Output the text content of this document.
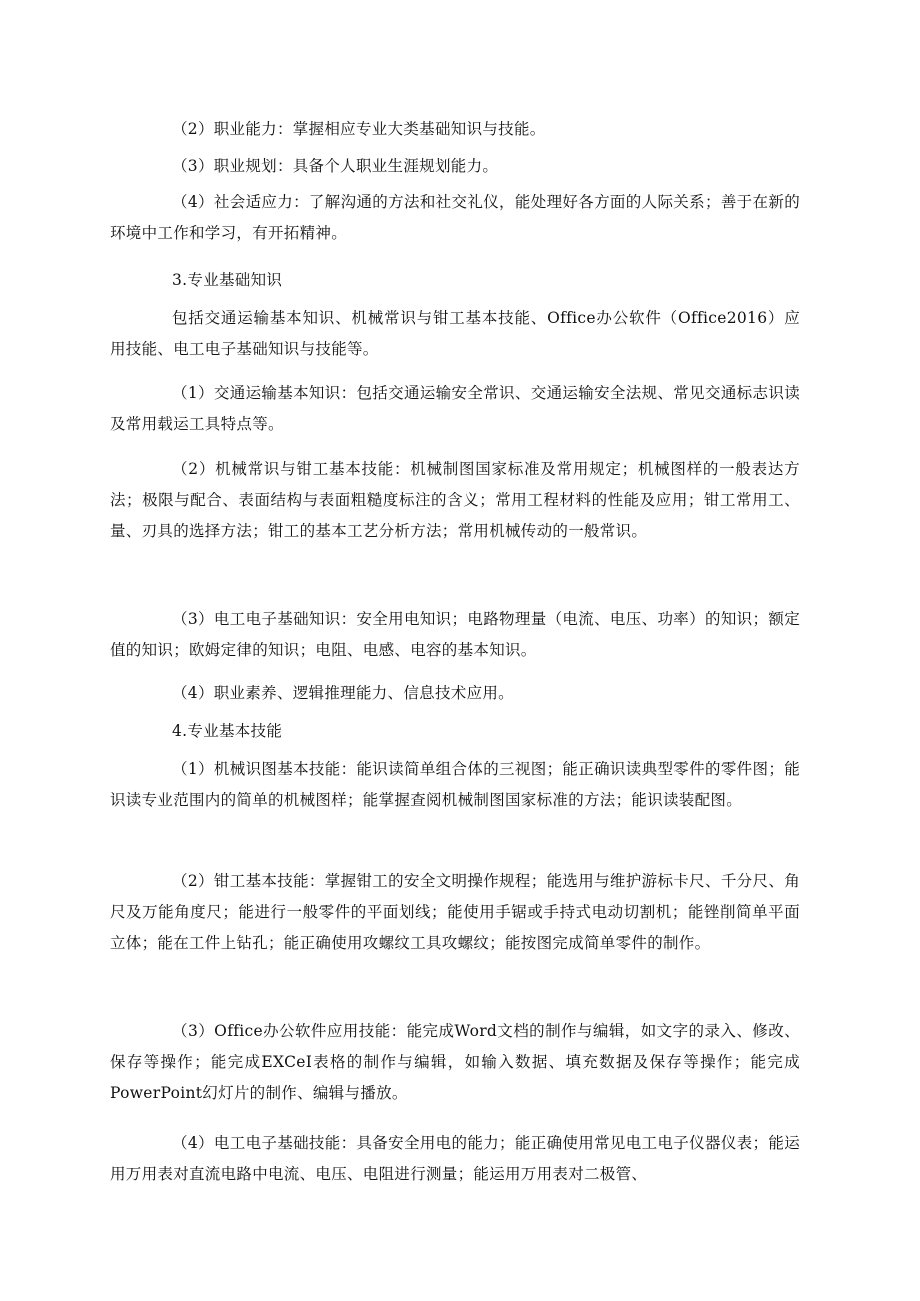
（2）职业能力：掌握相应专业大类基础知识与技能。

（3）职业规划：具备个人职业生涯规划能力。

（4）社会适应力：了解沟通的方法和社交礼仪，能处理好各方面的人际关系；善于在新的环境中工作和学习，有开拓精神。

3.专业基础知识

包括交通运输基本知识、机械常识与钳工基本技能、Office办公软件（Office2016）应用技能、电工电子基础知识与技能等。

（1）交通运输基本知识：包括交通运输安全常识、交通运输安全法规、常见交通标志识读及常用载运工具特点等。

（2）机械常识与钳工基本技能：机械制图国家标准及常用规定；机械图样的一般表达方法；极限与配合、表面结构与表面粗糙度标注的含义；常用工程材料的性能及应用；钳工常用工、量、刃具的选择方法；钳工的基本工艺分析方法；常用机械传动的一般常识。

（3）电工电子基础知识：安全用电知识；电路物理量（电流、电压、功率）的知识；额定值的知识；欧姆定律的知识；电阻、电感、电容的基本知识。

（4）职业素养、逻辑推理能力、信息技术应用。

4.专业基本技能

（1）机械识图基本技能：能识读简单组合体的三视图；能正确识读典型零件的零件图；能识读专业范围内的简单的机械图样；能掌握查阅机械制图国家标准的方法；能识读装配图。

（2）钳工基本技能：掌握钳工的安全文明操作规程；能选用与维护游标卡尺、千分尺、角尺及万能角度尺；能进行一般零件的平面划线；能使用手锯或手持式电动切割机；能锉削简单平面立体；能在工件上钻孔；能正确使用攻螺纹工具攻螺纹；能按图完成简单零件的制作。

（3）Office办公软件应用技能：能完成Word文档的制作与编辑，如文字的录入、修改、保存等操作；能完成EXCeI表格的制作与编辑，如输入数据、填充数据及保存等操作；能完成PowerPoint幻灯片的制作、编辑与播放。

（4）电工电子基础技能：具备安全用电的能力；能正确使用常见电工电子仪器仪表；能运用万用表对直流电路中电流、电压、电阻进行测量；能运用万用表对二极管、
